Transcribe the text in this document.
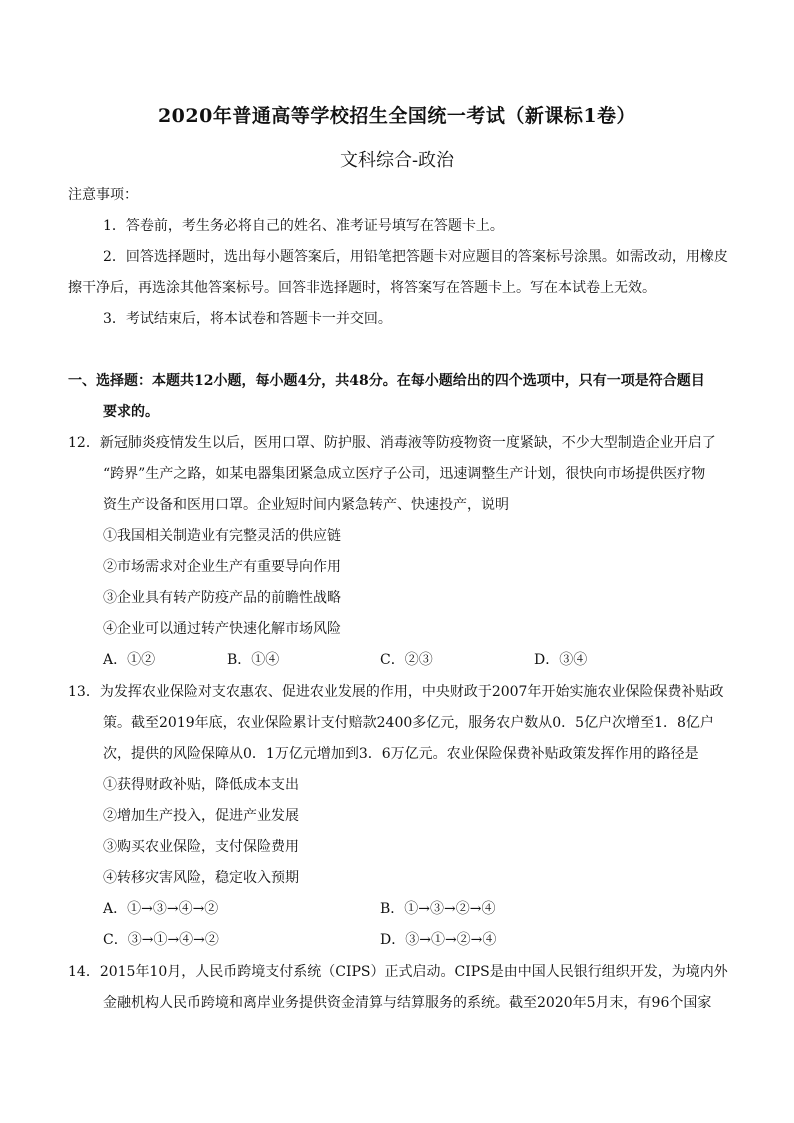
2020年普通高等学校招生全国统一考试（新课标1卷）
文科综合-政治
注意事项：
1．答卷前，考生务必将自己的姓名、准考证号填写在答题卡上。
2．回答选择题时，选出每小题答案后，用铅笔把答题卡对应题目的答案标号涂黑。如需改动，用橡皮
擦干净后，再选涂其他答案标号。回答非选择题时，将答案写在答题卡上。写在本试卷上无效。
3．考试结束后，将本试卷和答题卡一并交回。
一、选择题：本题共12小题，每小题4分，共48分。在每小题给出的四个选项中，只有一项是符合题目
要求的。
12．新冠肺炎疫情发生以后，医用口罩、防护服、消毒液等防疫物资一度紧缺，不少大型制造企业开启了
“跨界”生产之路，如某电器集团紧急成立医疗子公司，迅速调整生产计划，很快向市场提供医疗物
资生产设备和医用口罩。企业短时间内紧急转产、快速投产，说明
①我国相关制造业有完整灵活的供应链
②市场需求对企业生产有重要导向作用
③企业具有转产防疫产品的前瞻性战略
④企业可以通过转产快速化解市场风险
A．①②	B．①④	C．②③	D．③④
13．为发挥农业保险对支农惠农、促进农业发展的作用，中央财政于2007年开始实施农业保险保费补贴政
策。截至2019年底，农业保险累计支付赔款2400多亿元，服务农户数从0．5亿户次增至1．8亿户
次，提供的风险保障从0．1万亿元增加到3．6万亿元。农业保险保费补贴政策发挥作用的路径是
①获得财政补贴，降低成本支出
②增加生产投入，促进产业发展
③购买农业保险，支付保险费用
④转移灾害风险，稳定收入预期
A．①→③→④→②	B．①→③→②→④
C．③→①→④→②	D．③→①→②→④
14．2015年10月，人民币跨境支付系统（CIPS）正式启动。CIPS是由中国人民银行组织开发，为境内外
金融机构人民币跨境和离岸业务提供资金清算与结算服务的系统。截至2020年5月末，有96个国家
